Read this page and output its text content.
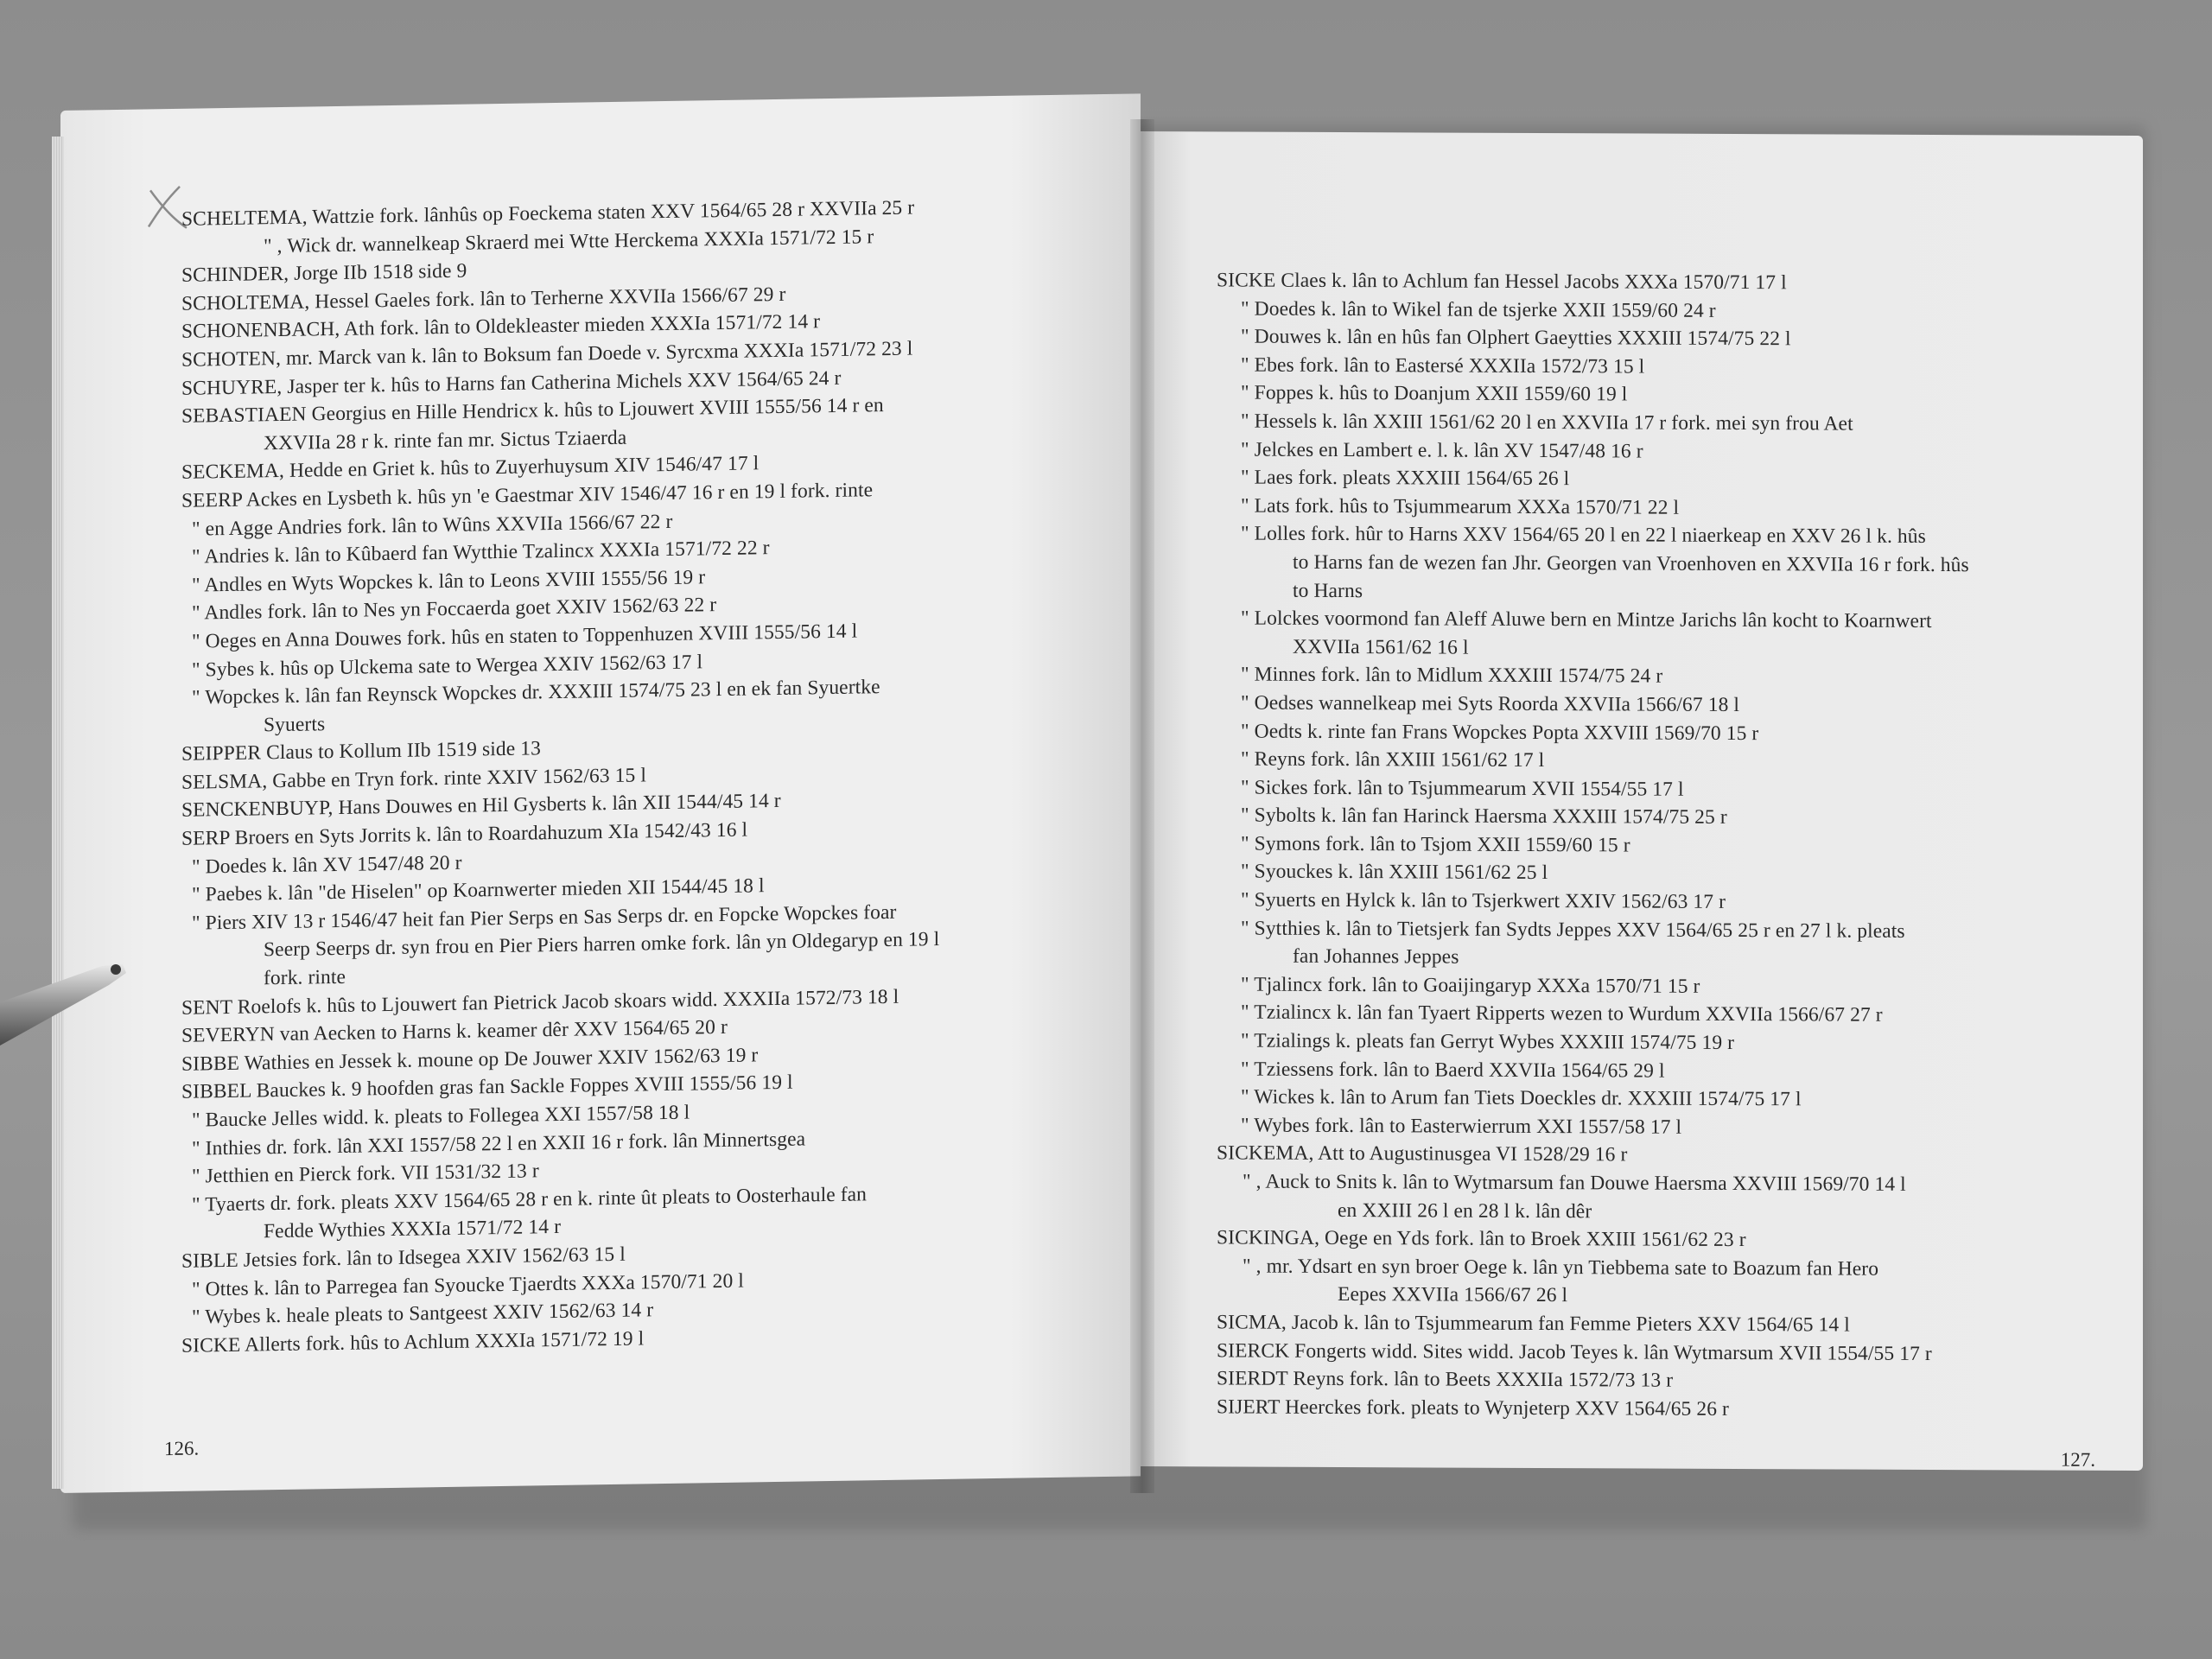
SCHELTEMA, Wattzie fork. lânhûs op Foeckema staten XXV 1564/65 28 r XXVIIa 25 r
" , Wick dr. wannelkeap Skraerd mei Wtte Herckema XXXIa 1571/72 15 r
SCHINDER, Jorge IIb 1518 side 9
SCHOLTEMA, Hessel Gaeles fork. lân to Terherne XXVIIa 1566/67 29 r
SCHONENBACH, Ath fork. lân to Oldekleaster mieden XXXIa 1571/72 14 r
SCHOTEN, mr. Marck van k. lân to Boksum fan Doede v. Syrcxma XXXIa 1571/72 23 l
SCHUYRE, Jasper ter k. hûs to Harns fan Catherina Michels XXV 1564/65 24 r
SEBASTIAEN Georgius en Hille Hendricx k. hûs to Ljouwert XVIII 1555/56 14 r en
XXVIIa 28 r k. rinte fan mr. Sictus Tziaerda
SECKEMA, Hedde en Griet k. hûs to Zuyerhuysum XIV 1546/47 17 l
SEERP Ackes en Lysbeth k. hûs yn 'e Gaestmar XIV 1546/47 16 r en 19 l fork. rinte
" en Agge Andries fork. lân to Wûns XXVIIa 1566/67 22 r
" Andries k. lân to Kûbaerd fan Wytthie Tzalincx XXXIa 1571/72 22 r
" Andles en Wyts Wopckes k. lân to Leons XVIII 1555/56 19 r
" Andles fork. lân to Nes yn Foccaerda goet XXIV 1562/63 22 r
" Oeges en Anna Douwes fork. hûs en staten to Toppenhuzen XVIII 1555/56 14 l
" Sybes k. hûs op Ulckema sate to Wergea XXIV 1562/63 17 l
" Wopckes k. lân fan Reynsck Wopckes dr. XXXIII 1574/75 23 l en ek fan Syuertke
Syuerts
SEIPPER Claus to Kollum IIb 1519 side 13
SELSMA, Gabbe en Tryn fork. rinte XXIV 1562/63 15 l
SENCKENBUYP, Hans Douwes en Hil Gysberts k. lân XII 1544/45 14 r
SERP Broers en Syts Jorrits k. lân to Roardahuzum XIa 1542/43 16 l
" Doedes k. lân XV 1547/48 20 r
" Paebes k. lân "de Hiselen" op Koarnwerter mieden XII 1544/45 18 l
" Piers XIV 13 r 1546/47 heit fan Pier Serps en Sas Serps dr. en Fopcke Wopckes foar
Seerp Seerps dr. syn frou en Pier Piers harren omke fork. lân yn Oldegaryp en 19 l
fork. rinte
SENT Roelofs k. hûs to Ljouwert fan Pietrick Jacob skoars widd. XXXIIa 1572/73 18 l
SEVERYN van Aecken to Harns k. keamer dêr XXV 1564/65 20 r
SIBBE Wathies en Jessek k. moune op De Jouwer XXIV 1562/63 19 r
SIBBEL Bauckes k. 9 hoofden gras fan Sackle Foppes XVIII 1555/56 19 l
" Baucke Jelles widd. k. pleats to Follegea XXI 1557/58 18 l
" Inthies dr. fork. lân XXI 1557/58 22 l en XXII 16 r fork. lân Minnertsgea
" Jetthien en Pierck fork. VII 1531/32 13 r
" Tyaerts dr. fork. pleats XXV 1564/65 28 r en k. rinte ût pleats to Oosterhaule fan
Fedde Wythies XXXIa 1571/72 14 r
SIBLE Jetsies fork. lân to Idsegea XXIV 1562/63 15 l
" Ottes k. lân to Parregea fan Syoucke Tjaerdts XXXa 1570/71 20 l
" Wybes k. heale pleats to Santgeest XXIV 1562/63 14 r
SICKE Allerts fork. hûs to Achlum XXXIa 1571/72 19 l
126.
SICKE Claes k. lân to Achlum fan Hessel Jacobs XXXa 1570/71 17 l
" Doedes k. lân to Wikel fan de tsjerke XXII 1559/60 24 r
" Douwes k. lân en hûs fan Olphert Gaeytties XXXIII 1574/75 22 l
" Ebes fork. lân to Eastersé XXXIIa 1572/73 15 l
" Foppes k. hûs to Doanjum XXII 1559/60 19 l
" Hessels k. lân XXIII 1561/62 20 l en XXVIIa 17 r fork. mei syn frou Aet
" Jelckes en Lambert e. l. k. lân XV 1547/48 16 r
" Laes fork. pleats XXXIII 1564/65 26 l
" Lats fork. hûs to Tsjummearum XXXa 1570/71 22 l
" Lolles fork. hûr to Harns XXV 1564/65 20 l en 22 l niaerkeap en XXV 26 l k. hûs
to Harns fan de wezen fan Jhr. Georgen van Vroenhoven en XXVIIa 16 r fork. hûs
to Harns
" Lolckes voormond fan Aleff Aluwe bern en Mintze Jarichs lân kocht to Koarnwert
XXVIIa 1561/62 16 l
" Minnes fork. lân to Midlum XXXIII 1574/75 24 r
" Oedses wannelkeap mei Syts Roorda XXVIIa 1566/67 18 l
" Oedts k. rinte fan Frans Wopckes Popta XXVIII 1569/70 15 r
" Reyns fork. lân XXIII 1561/62 17 l
" Sickes fork. lân to Tsjummearum XVII 1554/55 17 l
" Sybolts k. lân fan Harinck Haersma XXXIII 1574/75 25 r
" Symons fork. lân to Tsjom XXII 1559/60 15 r
" Syouckes k. lân XXIII 1561/62 25 l
" Syuerts en Hylck k. lân to Tsjerkwert XXIV 1562/63 17 r
" Sytthies k. lân to Tietsjerk fan Sydts Jeppes XXV 1564/65 25 r en 27 l k. pleats
fan Johannes Jeppes
" Tjalincx fork. lân to Goaijingaryp XXXa 1570/71 15 r
" Tzialincx k. lân fan Tyaert Ripperts wezen to Wurdum XXVIIa 1566/67 27 r
" Tzialings k. pleats fan Gerryt Wybes XXXIII 1574/75 19 r
" Tziessens fork. lân to Baerd XXVIIa 1564/65 29 l
" Wickes k. lân to Arum fan Tiets Doeckles dr. XXXIII 1574/75 17 l
" Wybes fork. lân to Easterwierrum XXI 1557/58 17 l
SICKEMA, Att to Augustinusgea VI 1528/29 16 r
" , Auck to Snits k. lân to Wytmarsum fan Douwe Haersma XXVIII 1569/70 14 l
en XXIII 26 l en 28 l k. lân dêr
SICKINGA, Oege en Yds fork. lân to Broek XXIII 1561/62 23 r
" , mr. Ydsart en syn broer Oege k. lân yn Tiebbema sate to Boazum fan Hero
Eepes XXVIIa 1566/67 26 l
SICMA, Jacob k. lân to Tsjummearum fan Femme Pieters XXV 1564/65 14 l
SIERCK Fongerts widd. Sites widd. Jacob Teyes k. lân Wytmarsum XVII 1554/55 17 r
SIERDT Reyns fork. lân to Beets XXXIIa 1572/73 13 r
SIJERT Heerckes fork. pleats to Wynjeterp XXV 1564/65 26 r
127.
